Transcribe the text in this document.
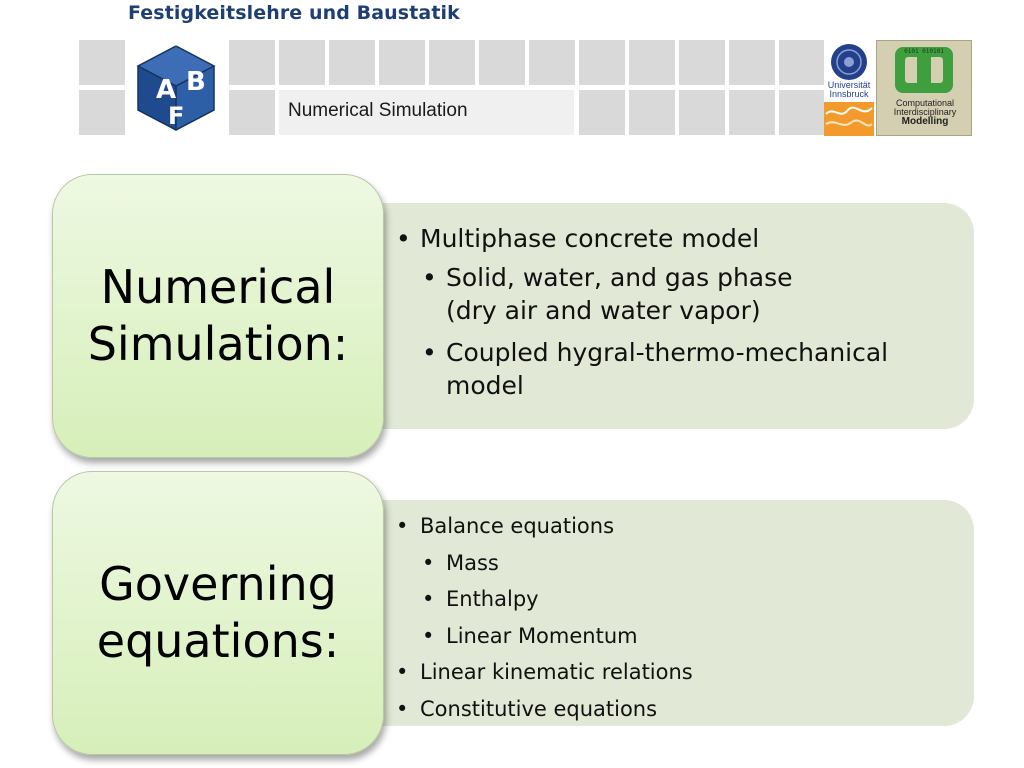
Festigkeitslehre und Baustatik
A B
F	Numerical Simulation
Universität
Innsbruck
0101 010101
Computational
Interdisciplinary
Modelling
Numerical
Simulation:
• Multiphase concrete model
• Solid, water, and gas phase
(dry air and water vapor)
• Coupled hygral-thermo-mechanical
model
Governing
equations:
• Balance equations
• Mass
• Enthalpy
• Linear Momentum
• Linear kinematic relations
• Constitutive equations
